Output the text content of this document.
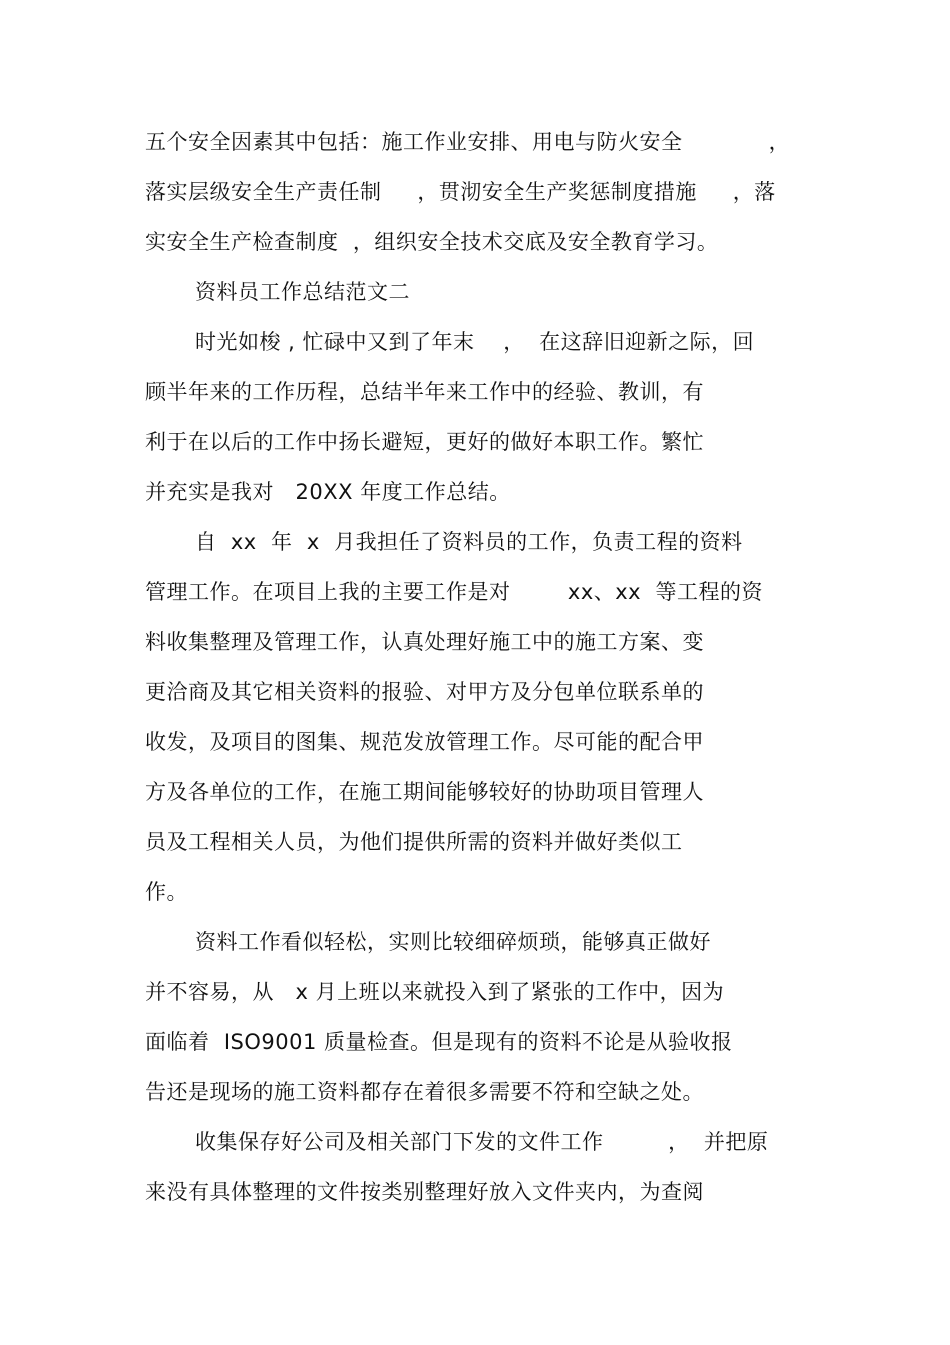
五个安全因素其中包括：施工作业安排、用电与防火安全            ，
落实层级安全生产责任制     ，贯沏安全生产奖惩制度措施     ，落
实安全生产检查制度  ，组织安全技术交底及安全教育学习。
资料员工作总结范文二
时光如梭 , 忙碌中又到了年末    ，  在这辞旧迎新之际，回
顾半年来的工作历程，总结半年来工作中的经验、教训，有
利于在以后的工作中扬长避短，更好的做好本职工作。繁忙
并充实是我对   20XX 年度工作总结。
自  xx  年  x  月我担任了资料员的工作，负责工程的资料
管理工作。在项目上我的主要工作是对        xx、xx  等工程的资
料收集整理及管理工作，认真处理好施工中的施工方案、变
更洽商及其它相关资料的报验、对甲方及分包单位联系单的
收发，及项目的图集、规范发放管理工作。尽可能的配合甲
方及各单位的工作，在施工期间能够较好的协助项目管理人
员及工程相关人员，为他们提供所需的资料并做好类似工
作。
资料工作看似轻松，实则比较细碎烦琐，能够真正做好
并不容易，从   x 月上班以来就投入到了紧张的工作中，因为
面临着  ISO9001 质量检查。但是现有的资料不论是从验收报
告还是现场的施工资料都存在着很多需要不符和空缺之处。
收集保存好公司及相关部门下发的文件工作         ，  并把原
来没有具体整理的文件按类别整理好放入文件夹内，为查阅
